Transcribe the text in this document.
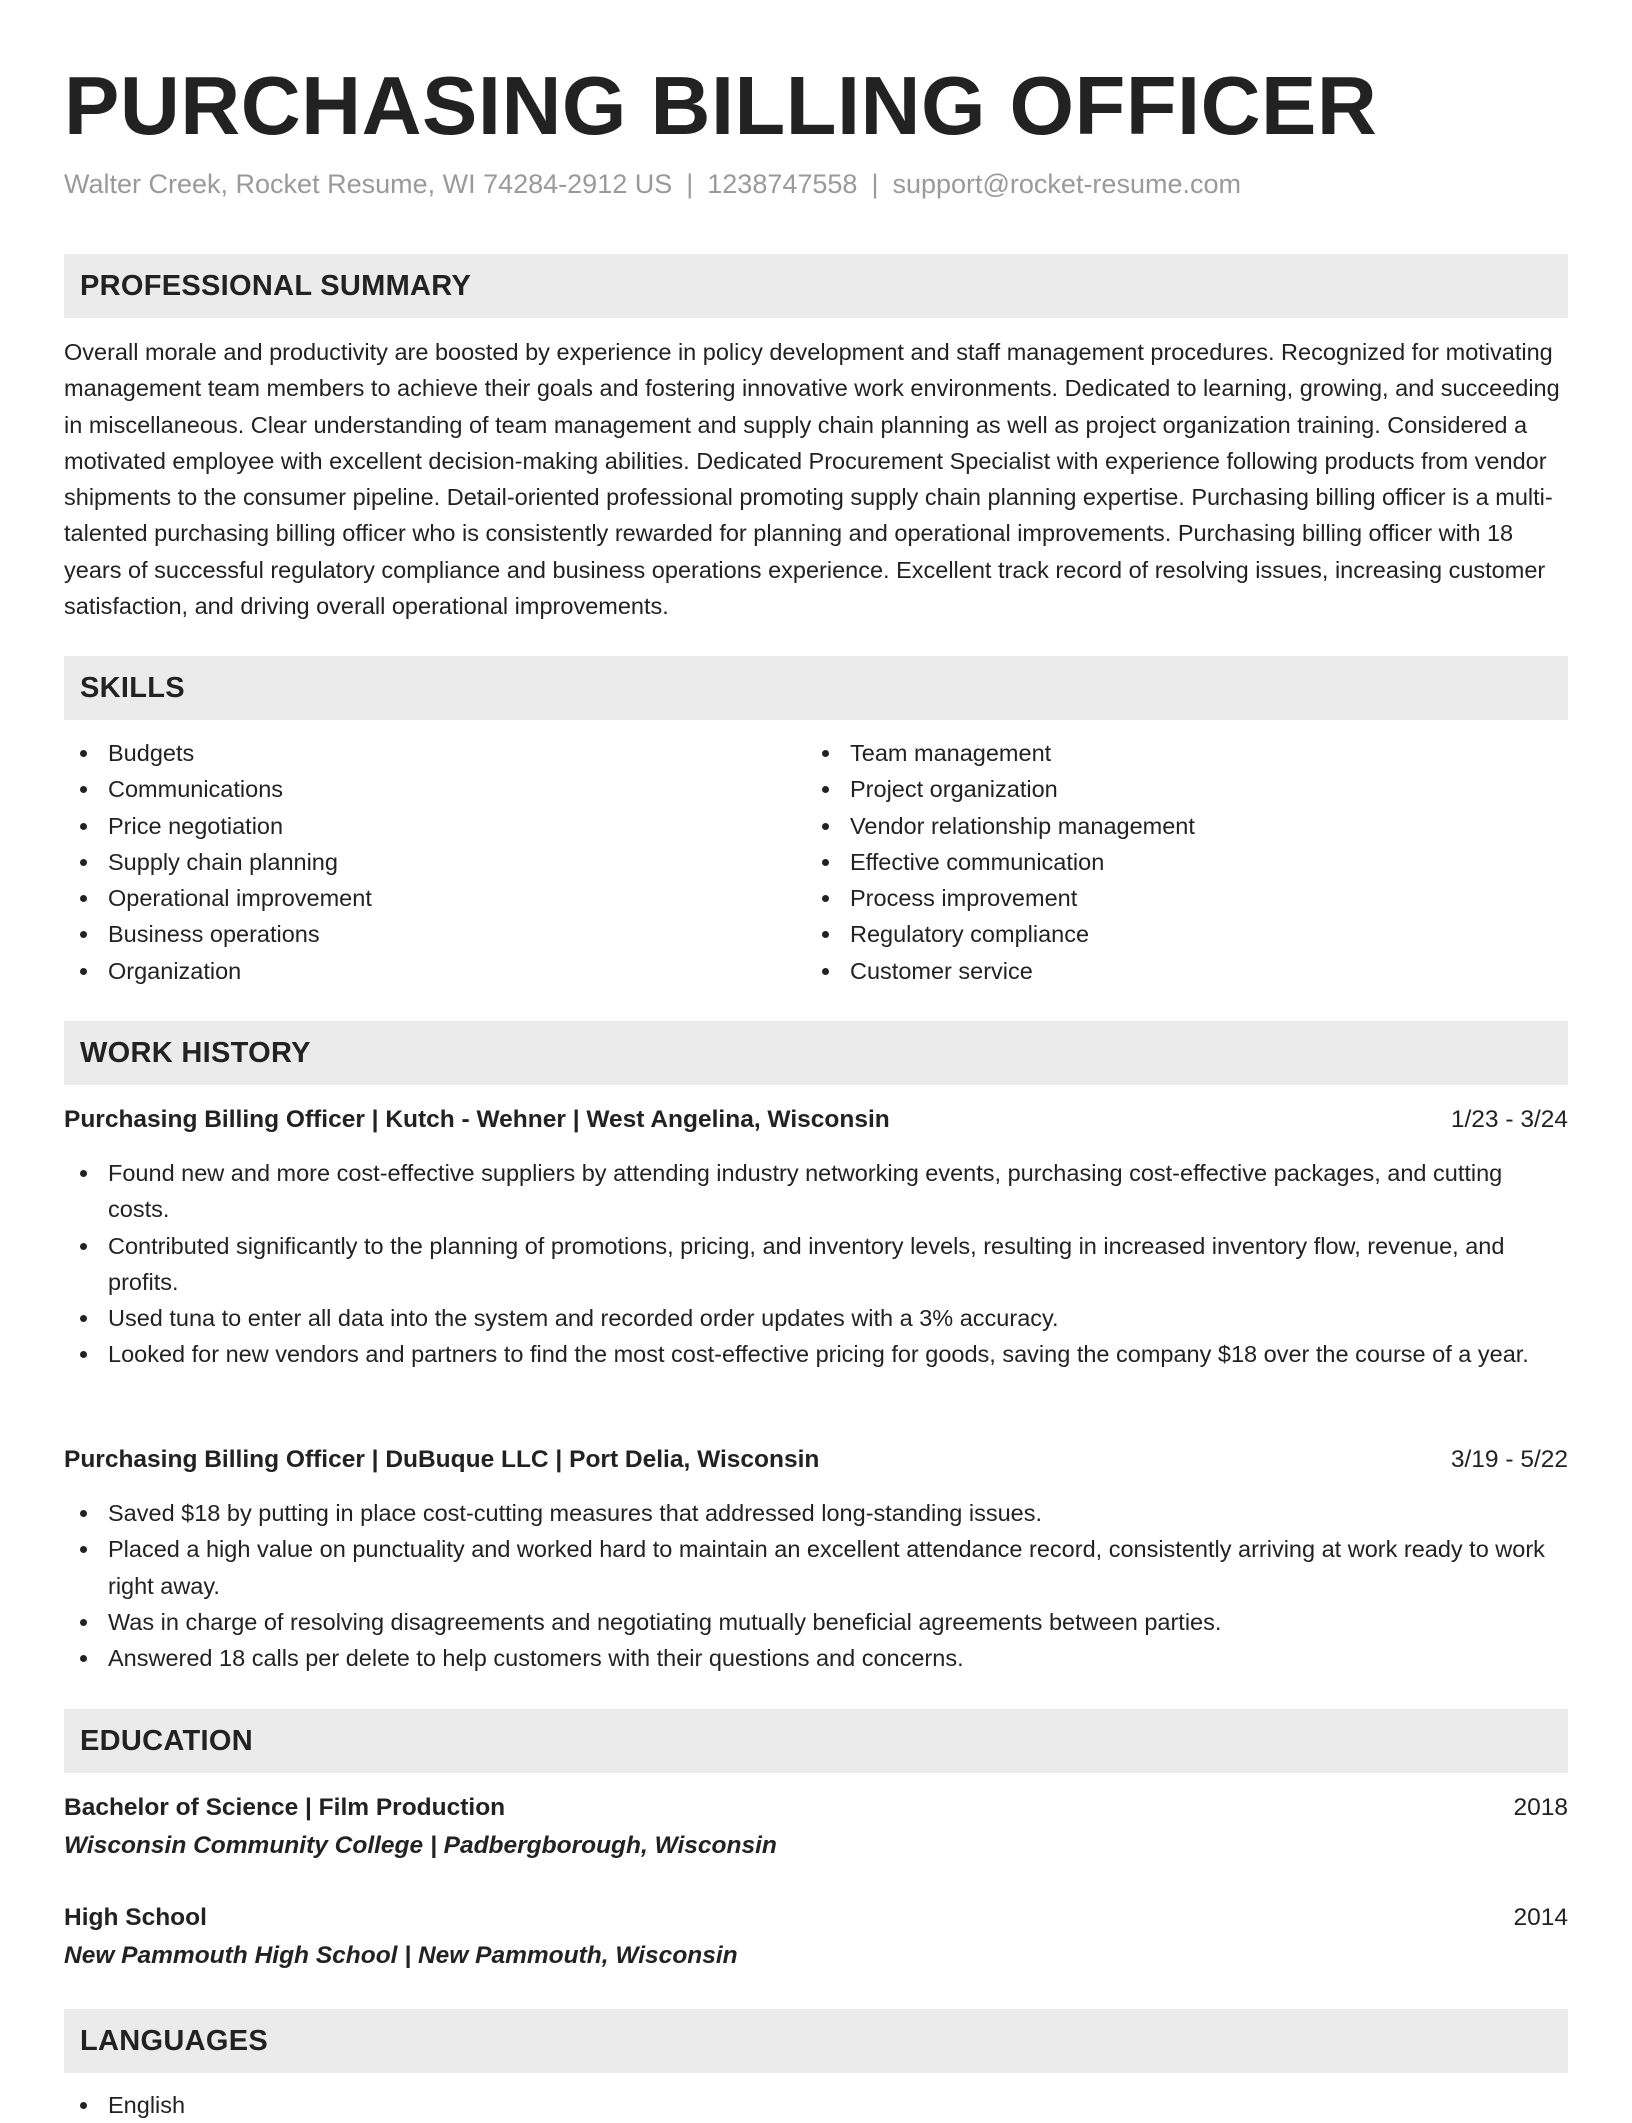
PURCHASING BILLING OFFICER
Walter Creek, Rocket Resume, WI 74284-2912 US | 1238747558 | support@rocket-resume.com
PROFESSIONAL SUMMARY

Overall morale and productivity are boosted by experience in policy development and staff management procedures. Recognized for motivating management team members to achieve their goals and fostering innovative work environments. Dedicated to learning, growing, and succeeding in miscellaneous. Clear understanding of team management and supply chain planning as well as project organization training. Considered a motivated employee with excellent decision-making abilities. Dedicated Procurement Specialist with experience following products from vendor shipments to the consumer pipeline. Detail-oriented professional promoting supply chain planning expertise. Purchasing billing officer is a multi-talented purchasing billing officer who is consistently rewarded for planning and operational improvements. Purchasing billing officer with 18 years of successful regulatory compliance and business operations experience. Excellent track record of resolving issues, increasing customer satisfaction, and driving overall operational improvements.

SKILLS
Budgets
Communications
Price negotiation
Supply chain planning
Operational improvement
Business operations
Organization
Team management
Project organization
Vendor relationship management
Effective communication
Process improvement
Regulatory compliance
Customer service
WORK HISTORY
Purchasing Billing Officer | Kutch - Wehner | West Angelina, Wisconsin	1/23 - 3/24
Found new and more cost-effective suppliers by attending industry networking events, purchasing cost-effective packages, and cutting costs.
Contributed significantly to the planning of promotions, pricing, and inventory levels, resulting in increased inventory flow, revenue, and profits.
Used tuna to enter all data into the system and recorded order updates with a 3% accuracy.
Looked for new vendors and partners to find the most cost-effective pricing for goods, saving the company $18 over the course of a year.
Purchasing Billing Officer | DuBuque LLC | Port Delia, Wisconsin	3/19 - 5/22
Saved $18 by putting in place cost-cutting measures that addressed long-standing issues.
Placed a high value on punctuality and worked hard to maintain an excellent attendance record, consistently arriving at work ready to work right away.
Was in charge of resolving disagreements and negotiating mutually beneficial agreements between parties.
Answered 18 calls per delete to help customers with their questions and concerns.
EDUCATION
Bachelor of Science | Film Production	2018
Wisconsin Community College | Padbergborough, Wisconsin
High School	2014
New Pammouth High School | New Pammouth, Wisconsin
LANGUAGES
English
